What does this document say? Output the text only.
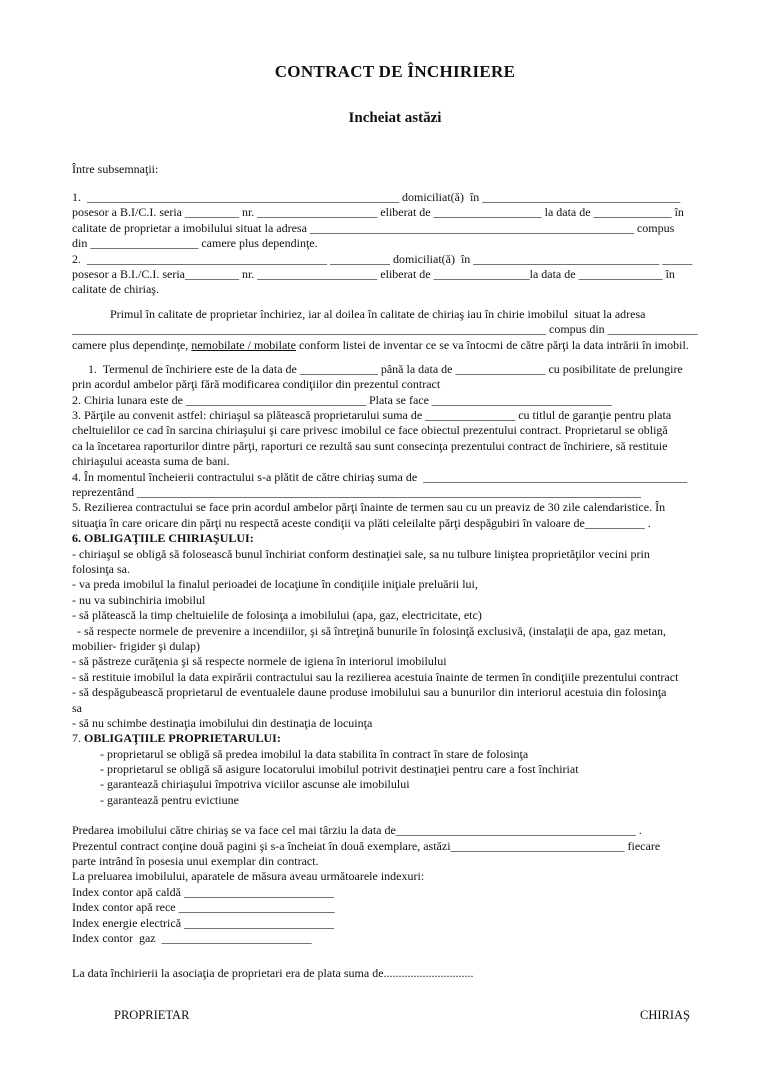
CONTRACT DE ÎNCHIRIERE
Incheiat astăzi

Între subsemnaţii:

1.  ____________________________________________________ domiciliat(ă)  în _________________________________
posesor a B.I/C.I. seria _________ nr. ____________________ eliberat de __________________ la data de _____________ în
calitate de proprietar a imobilului situat la adresa ______________________________________________________ compus
din __________________ camere plus dependinţe.
2.  ________________________________________ __________ domiciliat(ă)  în _______________________________ _____
posesor a B.I./C.I. seria_________ nr. ____________________ eliberat de ________________la data de ______________ în
calitate de chiriaş.
Primul în calitate de proprietar închiriez, iar al doilea în calitate de chiriaş iau în chirie imobilul  situat la adresa
_______________________________________________________________________________ compus din _______________
camere plus dependinţe, nemobilate / mobilate conform listei de inventar ce se va întocmi de către părţi la data intrării în imobil.
1.  Termenul de închiriere este de la data de _____________ până la data de _______________ cu posibilitate de prelungire
prin acordul ambelor părţi fără modificarea condiţiilor din prezentul contract
2. Chiria lunara este de ______________________________ Plata se face ______________________________
3. Părţile au convenit astfel: chiriaşul sa plătească proprietarului suma de _______________ cu titlul de garanţie pentru plata
cheltuielilor ce cad în sarcina chiriaşului şi care privesc imobilul ce face obiectul prezentului contract. Proprietarul se obligă
ca la încetarea raporturilor dintre părţi, raporturi ce rezultă sau sunt consecinţa prezentului contract de închiriere, să restituie
chiriaşului aceasta suma de bani.
4. În momentul încheierii contractului s-a plătit de către chiriaş suma de  ____________________________________________
reprezentând ____________________________________________________________________________________
5. Rezilierea contractului se face prin acordul ambelor părţi înainte de termen sau cu un preaviz de 30 zile calendaristice. În
situaţia în care oricare din părţi nu respectă aceste condiţii va plăti celeilalte părţi despăgubiri în valoare de__________ .
6. OBLIGAŢIILE CHIRIAŞULUI:
- chiriaşul se obligă să folosească bunul închiriat conform destinaţiei sale, sa nu tulbure liniştea proprietăţilor vecini prin
folosinţa sa.
- va preda imobilul la finalul perioadei de locaţiune în condiţiile iniţiale preluării lui,
- nu va subinchiria imobilul
- să plătească la timp cheltuielile de folosinţa a imobilului (apa, gaz, electricitate, etc)
- să respecte normele de prevenire a incendiilor, şi să întreţină bunurile în folosinţă exclusivă, (instalaţii de apa, gaz metan,
mobilier- frigider şi dulap)
- să păstreze curăţenia şi să respecte normele de igiena în interiorul imobilului
- să restituie imobilul la data expirării contractului sau la rezilierea acestuia înainte de termen în condiţiile prezentului contract
- să despăgubească proprietarul de eventualele daune produse imobilului sau a bunurilor din interiorul acestuia din folosinţa
sa
- să nu schimbe destinaţia imobilului din destinaţia de locuinţa
7. OBLIGAŢIILE PROPRIETARULUI:
- proprietarul se obligă să predea imobilul la data stabilita în contract în stare de folosinţa
- proprietarul se obligă să asigure locatorului imobilul potrivit destinaţiei pentru care a fost închiriat
- garantează chiriaşului împotriva viciilor ascunse ale imobilului
- garantează pentru evictiune
Predarea imobilului către chiriaş se va face cel mai târziu la data de________________________________________ .
Prezentul contract conţine două pagini şi s-a încheiat în două exemplare, astăzi_____________________________ fiecare
parte intrând în posesia unui exemplar din contract.
La preluarea imobilului, aparatele de măsura aveau următoarele indexuri:
Index contor apă caldă _________________________
Index contor apă rece __________________________
Index energie electrică _________________________
Index contor  gaz  _________________________
La data închirierii la asociaţia de proprietari era de plata suma de..............................
PROPRIETAR	CHIRIAŞ
